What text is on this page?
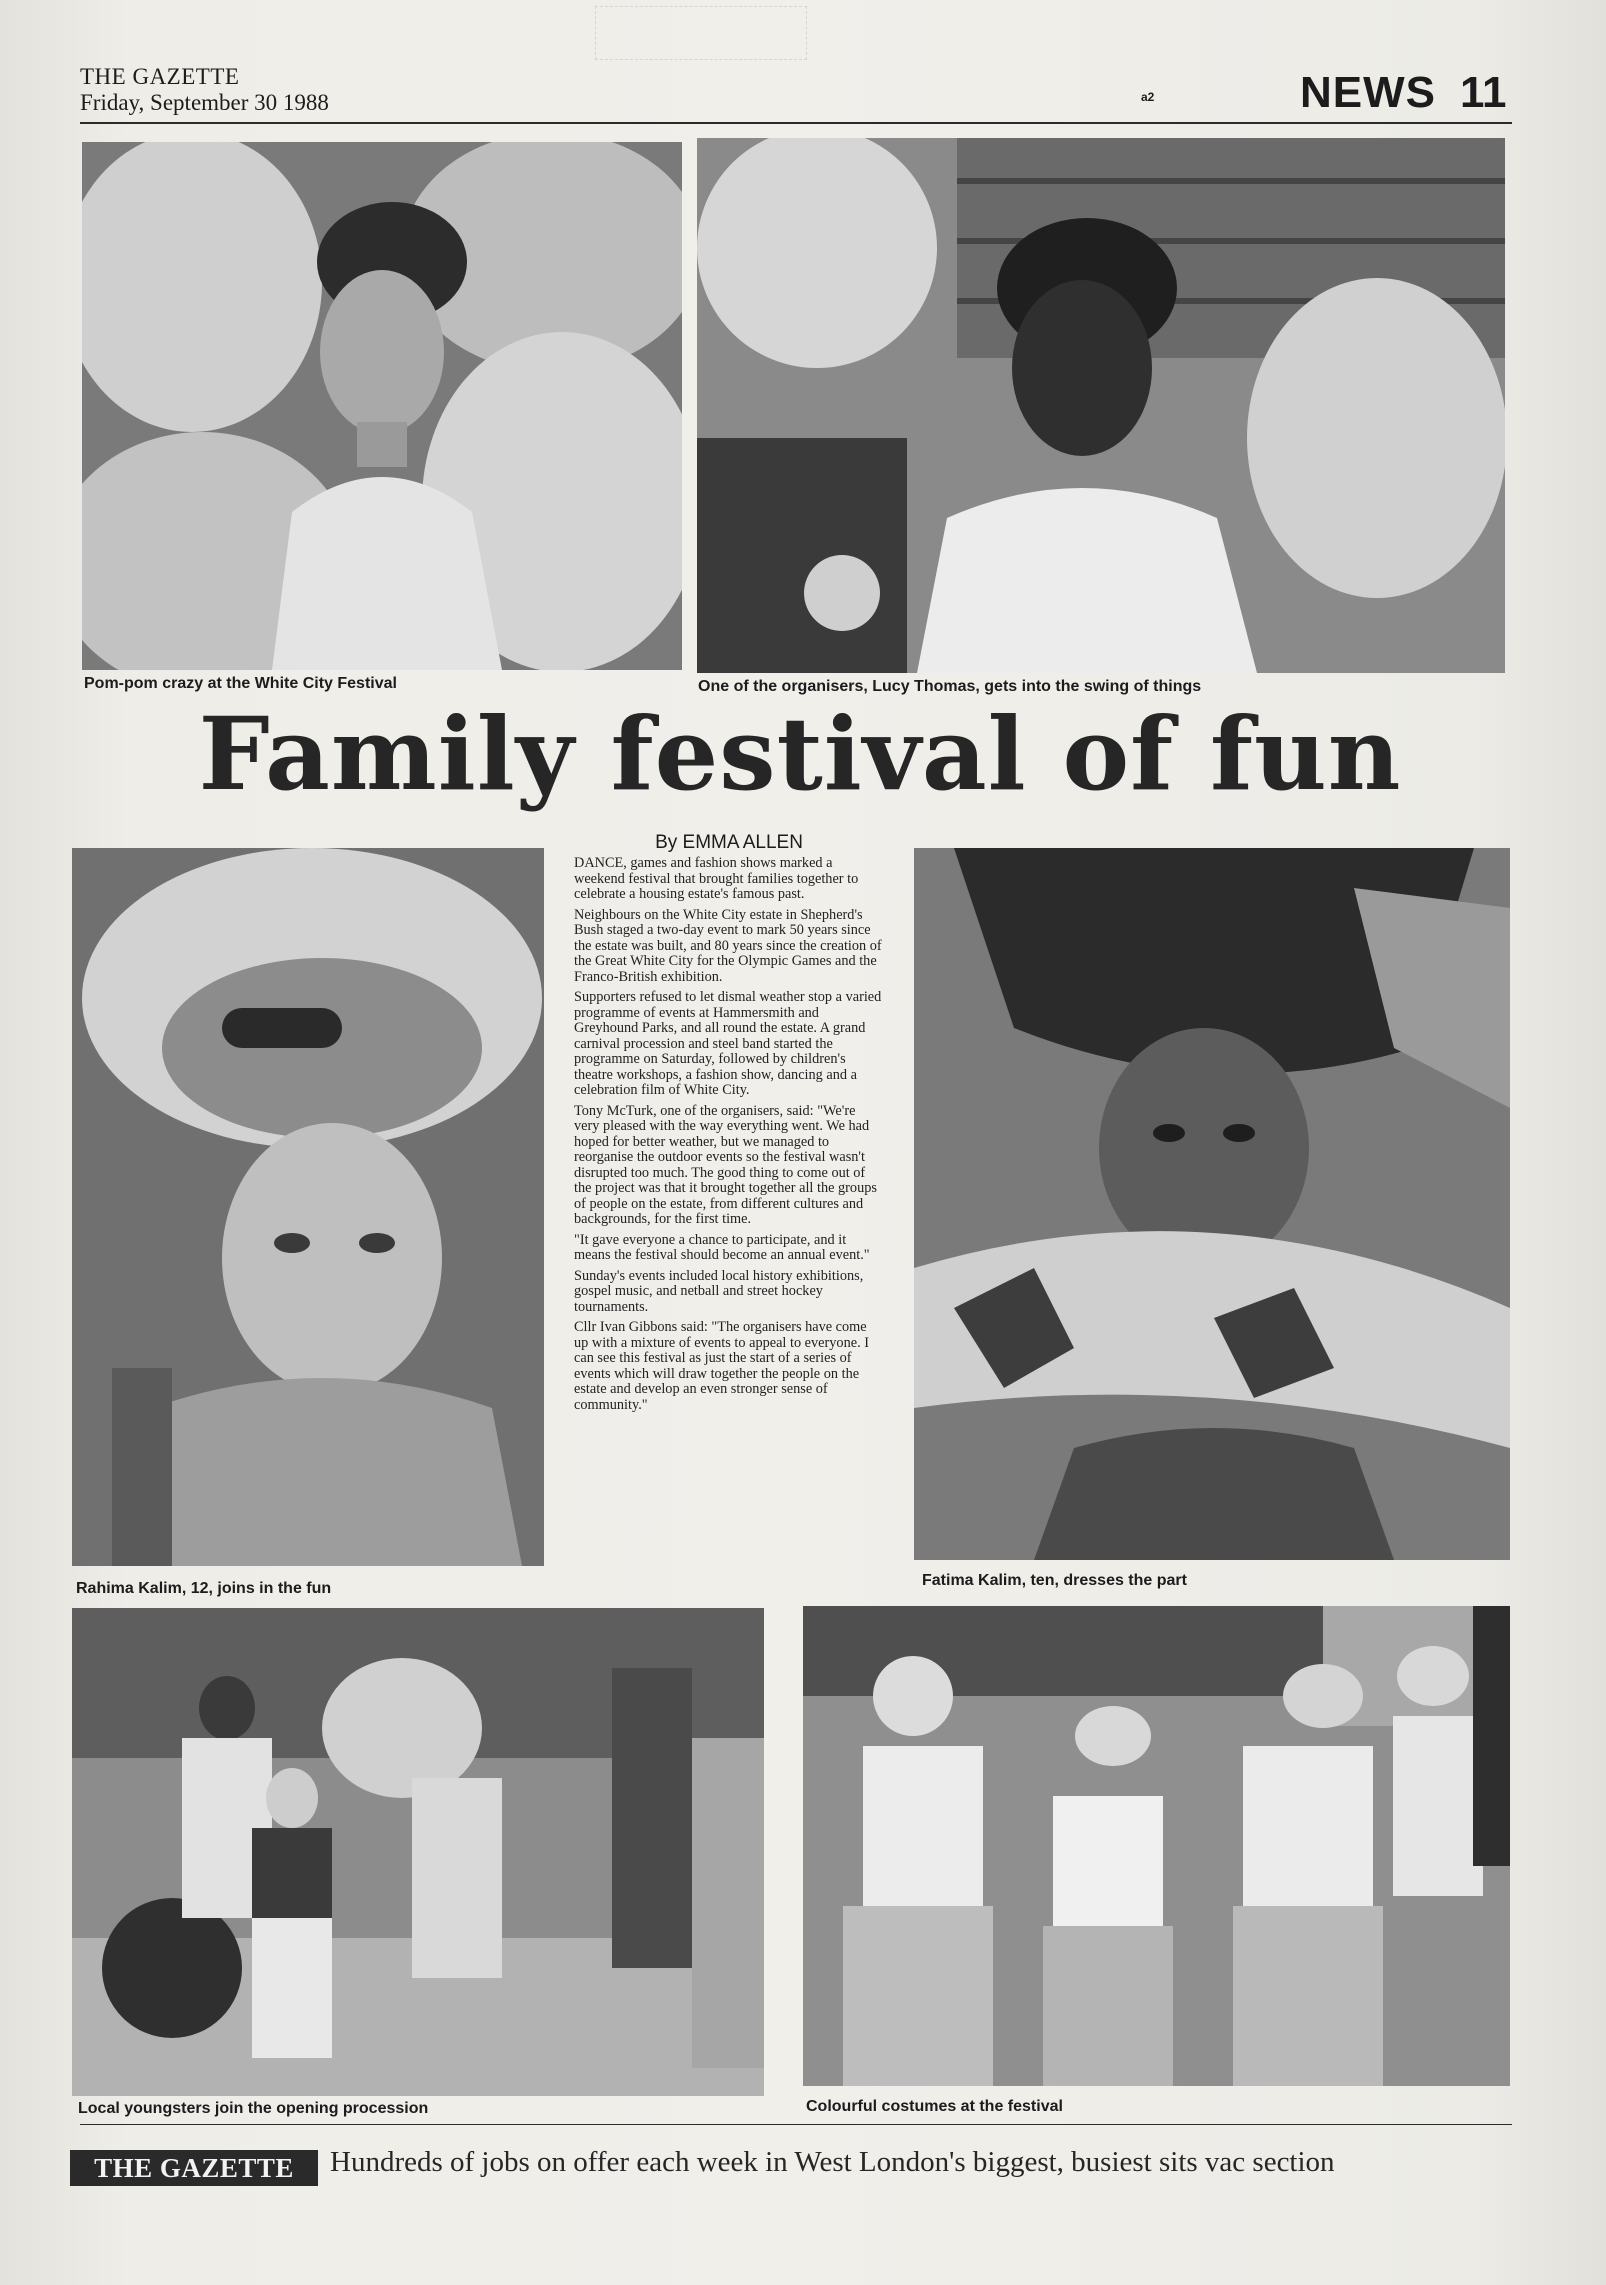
THE GAZETTE
Friday, September 30 1988	a2	NEWS 11
Pom-pom crazy at the White City Festival	One of the organisers, Lucy Thomas, gets into the swing of things
Family festival of fun
Rahima Kalim, 12, joins in the fun
By EMMA ALLEN

DANCE, games and fashion shows marked a weekend festival that brought families together to celebrate a housing estate's famous past.

Neighbours on the White City estate in Shepherd's Bush staged a two-day event to mark 50 years since the estate was built, and 80 years since the creation of the Great White City for the Olympic Games and the Franco-British exhibition.

Supporters refused to let dismal weather stop a varied programme of events at Hammersmith and Greyhound Parks, and all round the estate. A grand carnival procession and steel band started the programme on Saturday, followed by children's theatre workshops, a fashion show, dancing and a celebration film of White City.

Tony McTurk, one of the organisers, said: "We're very pleased with the way everything went. We had hoped for better weather, but we managed to reorganise the outdoor events so the festival wasn't disrupted too much. The good thing to come out of the project was that it brought together all the groups of people on the estate, from different cultures and backgrounds, for the first time.

"It gave everyone a chance to participate, and it means the festival should become an annual event."

Sunday's events included local history exhibitions, gospel music, and netball and street hockey tournaments.

Cllr Ivan Gibbons said: "The organisers have come up with a mixture of events to appeal to everyone. I can see this festival as just the start of a series of events which will draw together the people on the estate and develop an even stronger sense of community."

Fatima Kalim, ten, dresses the part
Local youngsters join the opening procession	Colourful costumes at the festival
THE GAZETTE	Hundreds of jobs on offer each week in West London's biggest, busiest sits vac section
